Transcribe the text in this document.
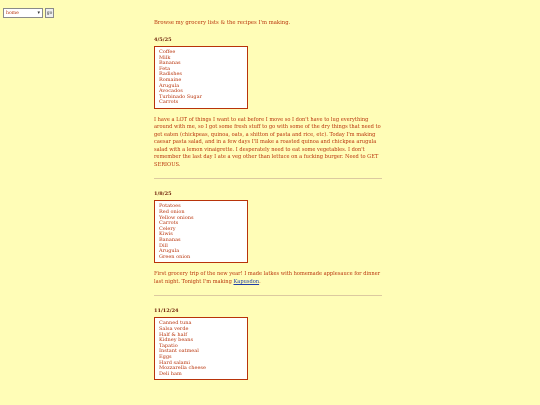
home	▾	go

Browse my grocery lists & the recipes I'm making.

4/5/25
Coffee
Milk
Bananas
Feta
Radishes
Romaine
Arugula
Avocados
Turbinado Sugar
Carrots

I have a LOT of things I want to eat before I move so I don't have to lug everything around with me, so I got some fresh stuff to go with some of the dry things that need to get eaten (chickpeas, quinoa, oats, a shitton of pasta and rice, etc). Today I'm making caesar pasta salad, and in a few days I'll make a roasted quinoa and chickpea arugula salad with a lemon vinaigrette. I desperately need to eat some vegetables. I don't remember the last day I ate a veg other than lettuce on a fucking burger. Need to GET SERIOUS.

1/8/25
Potatoes
Red onion
Yellow onions
Carrots
Celery
Kiwis
Bananas
Dill
Arugula
Green onion

First grocery trip of the new year! I made latkes with homemade applesauce for dinner last night. Tonight I'm making Kapusdon.

11/12/24
Canned tuna
Salsa verde
Half & half
Kidney beans
Tapatio
Instant oatmeal
Eggs
Hard salami
Mozzarella cheese
Deli ham
